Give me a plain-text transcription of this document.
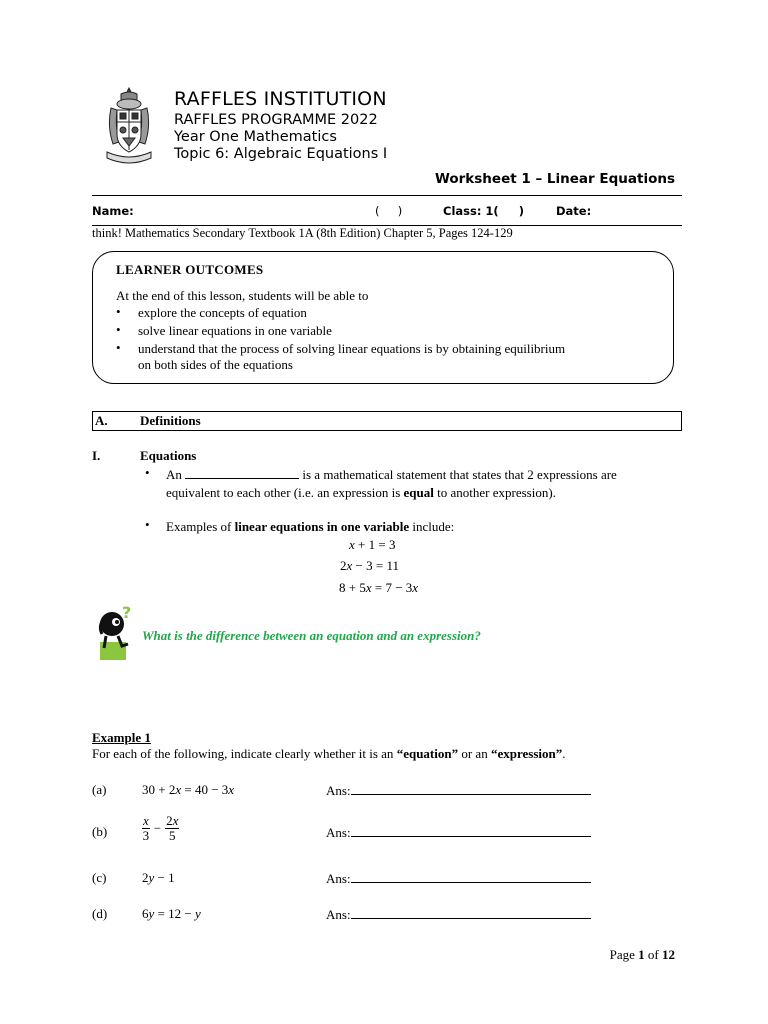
RAFFLES INSTITUTION
RAFFLES PROGRAMME 2022
Year One Mathematics
Topic 6: Algebraic Equations I
Worksheet 1 – Linear Equations
Name:	(     )	Class: 1(     )	Date:
think! Mathematics Secondary Textbook 1A (8th Edition) Chapter 5, Pages 124-129
LEARNER OUTCOMES
At the end of this lesson, students will be able to
• explore the concepts of equation
• solve linear equations in one variable
• understand that the process of solving linear equations is by obtaining equilibrium
on both sides of the equations
A. Definitions
I.	Equations
• An	is a mathematical statement that states that 2 expressions are
equivalent to each other (i.e. an expression is equal to another expression).
• Examples of linear equations in one variable include:
x + 1 = 3
2x − 3 = 11
8 + 5x = 7 − 3x
?
What is the difference between an equation and an expression?
Example 1
For each of the following, indicate clearly whether it is an “equation” or an “expression”.
(a)	30 + 2x = 40 − 3x	Ans:
(b)	$\frac{x}{3} - \frac{2x}{5}$	Ans:
(c)	2y − 1	Ans:
(d)	6y = 12 − y	Ans:
Page 1 of 12
